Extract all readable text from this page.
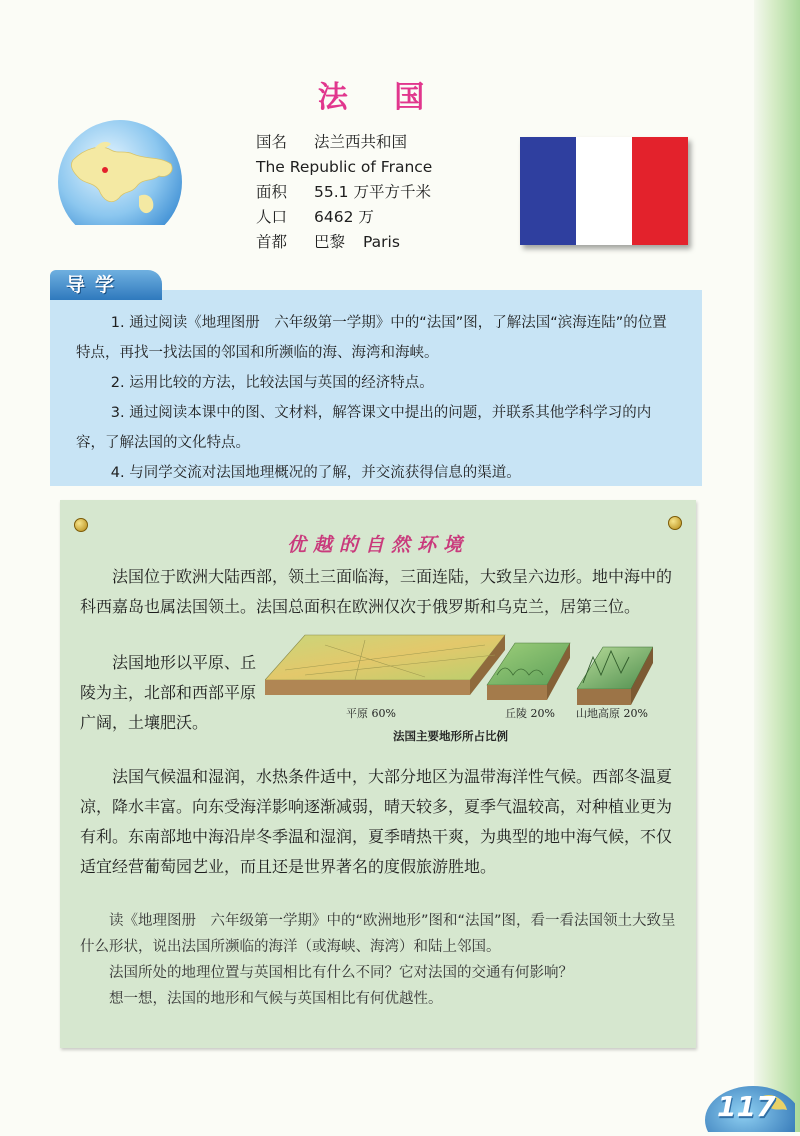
法 国
国名 法兰西共和国
The Republic of France
面积 55.1 万平方千米
人口 6462 万
首都 巴黎 Paris

1. 通过阅读《地理图册　六年级第一学期》中的“法国”图，了解法国“滨海连陆”的位置特点，再找一找法国的邻国和所濒临的海、海湾和海峡。

2. 运用比较的方法，比较法国与英国的经济特点。

3. 通过阅读本课中的图、文材料，解答课文中提出的问题，并联系其他学科学习的内容，了解法国的文化特点。

4. 与同学交流对法国地理概况的了解，并交流获得信息的渠道。

导学
优越的自然环境

法国位于欧洲大陆西部，领土三面临海，三面连陆，大致呈六边形。地中海中的科西嘉岛也属法国领土。法国总面积在欧洲仅次于俄罗斯和乌克兰，居第三位。

法国地形以平原、丘陵为主，北部和西部平原广阔，土壤肥沃。	平原 60%	丘陵 20% 山地高原 20%
法国主要地形所占比例

法国气候温和湿润，水热条件适中，大部分地区为温带海洋性气候。西部冬温夏凉，降水丰富。向东受海洋影响逐渐减弱，晴天较多，夏季气温较高，对种植业更为有利。东南部地中海沿岸冬季温和湿润，夏季晴热干爽，为典型的地中海气候，不仅适宜经营葡萄园艺业，而且还是世界著名的度假旅游胜地。

读《地理图册　六年级第一学期》中的“欧洲地形”图和“法国”图，看一看法国领土大致呈什么形状，说出法国所濒临的海洋（或海峡、海湾）和陆上邻国。

法国所处的地理位置与英国相比有什么不同？它对法国的交通有何影响？

想一想，法国的地形和气候与英国相比有何优越性。

117
